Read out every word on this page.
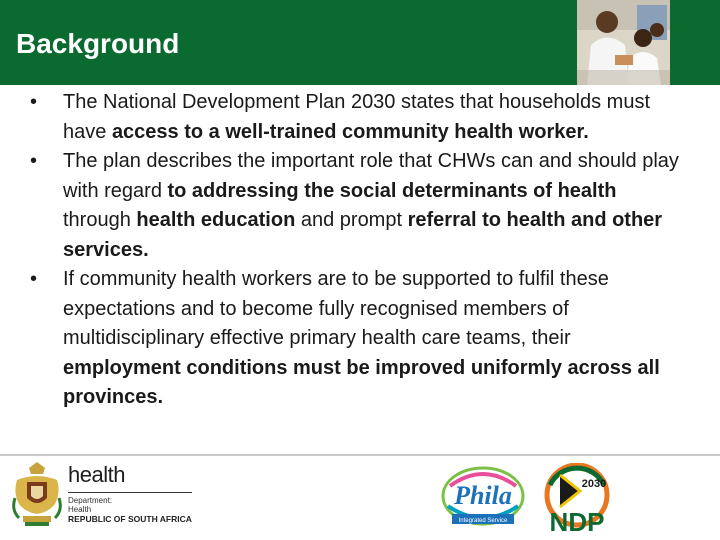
Background
• The National Development Plan 2030 states that households must have access to a well-trained community health worker.
• The plan describes the important role that CHWs can and should play with regard to addressing the social determinants of health through health education and prompt referral to health and other services.
• If community health workers are to be supported to fulfil these expectations and to become fully recognised members of multidisciplinary effective primary health care teams, their employment conditions must be improved uniformly across all provinces.
health
Department:
Health
REPUBLIC OF SOUTH AFRICA
Phila
Integrated Service
2030
NDP
